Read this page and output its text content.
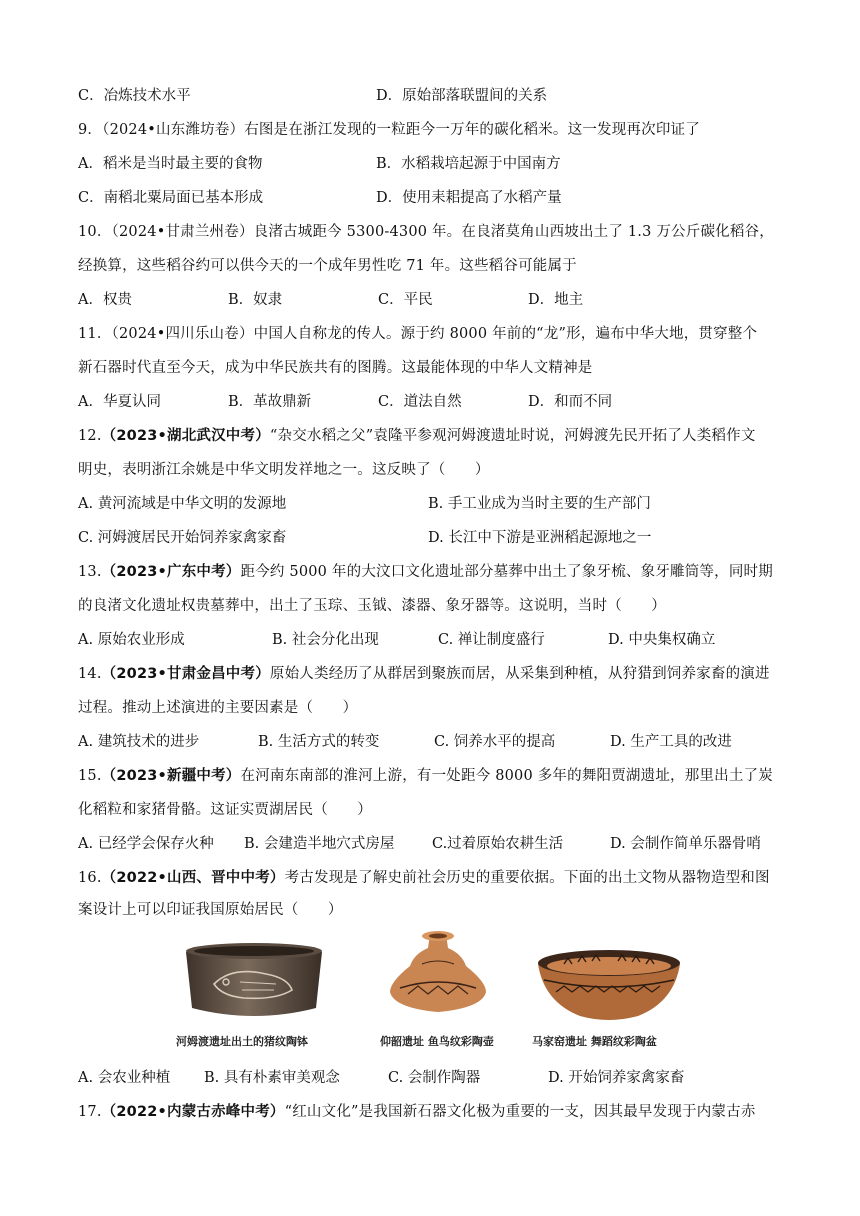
C．冶炼技术水平	D．原始部落联盟间的关系
9．（2024•山东潍坊卷）右图是在浙江发现的一粒距今一万年的碳化稻米。这一发现再次印证了
A．稻米是当时最主要的食物	B．水稻栽培起源于中国南方
C．南稻北粟局面已基本形成	D．使用耒耜提高了水稻产量
10．（2024•甘肃兰州卷）良渚古城距今 5300-4300 年。在良渚莫角山西坡出土了 1.3 万公斤碳化稻谷，
经换算，这些稻谷约可以供今天的一个成年男性吃 71 年。这些稻谷可能属于
A．权贵	B．奴隶	C．平民	D．地主
11．（2024•四川乐山卷）中国人自称龙的传人。源于约 8000 年前的“龙”形，遍布中华大地，贯穿整个
新石器时代直至今天，成为中华民族共有的图腾。这最能体现的中华人文精神是
A．华夏认同	B．革故鼎新	C．道法自然	D．和而不同
12.（2023•湖北武汉中考）“杂交水稻之父”袁隆平参观河姆渡遗址时说，河姆渡先民开拓了人类稻作文
明史，表明浙江余姚是中华文明发祥地之一。这反映了（　　）
A. 黄河流域是中华文明的发源地	B. 手工业成为当时主要的生产部门
C. 河姆渡居民开始饲养家禽家畜	D. 长江中下游是亚洲稻起源地之一
13.（2023•广东中考）距今约 5000 年的大汶口文化遗址部分墓葬中出土了象牙梳、象牙雕筒等，同时期
的良渚文化遗址权贵墓葬中，出土了玉琮、玉钺、漆器、象牙器等。这说明，当时（　　）
A. 原始农业形成	B. 社会分化出现	C. 禅让制度盛行	D. 中央集权确立
14.（2023•甘肃金昌中考）原始人类经历了从群居到聚族而居，从采集到种植，从狩猎到饲养家畜的演进
过程。推动上述演进的主要因素是（　　）
A. 建筑技术的进步	B. 生活方式的转变	C. 饲养水平的提高	D. 生产工具的改进
15.（2023•新疆中考）在河南东南部的淮河上游，有一处距今 8000 多年的舞阳贾湖遗址，那里出土了炭
化稻粒和家猪骨骼。这证实贾湖居民（　　）
A. 已经学会保存火种 B. 会建造半地穴式房屋	C.过着原始农耕生活	D. 会制作简单乐器骨哨
16.（2022•山西、晋中中考）考古发现是了解史前社会历史的重要依据。下面的出土文物从器物造型和图
案设计上可以印证我国原始居民（　　）
河姆渡遗址出土的猪纹陶钵	仰韶遗址 鱼鸟纹彩陶壶	马家窑遗址 舞蹈纹彩陶盆
A. 会农业种植 B. 具有朴素审美观念	C. 会制作陶器	D. 开始饲养家禽家畜
17.（2022•内蒙古赤峰中考）“红山文化”是我国新石器文化极为重要的一支，因其最早发现于内蒙古赤
